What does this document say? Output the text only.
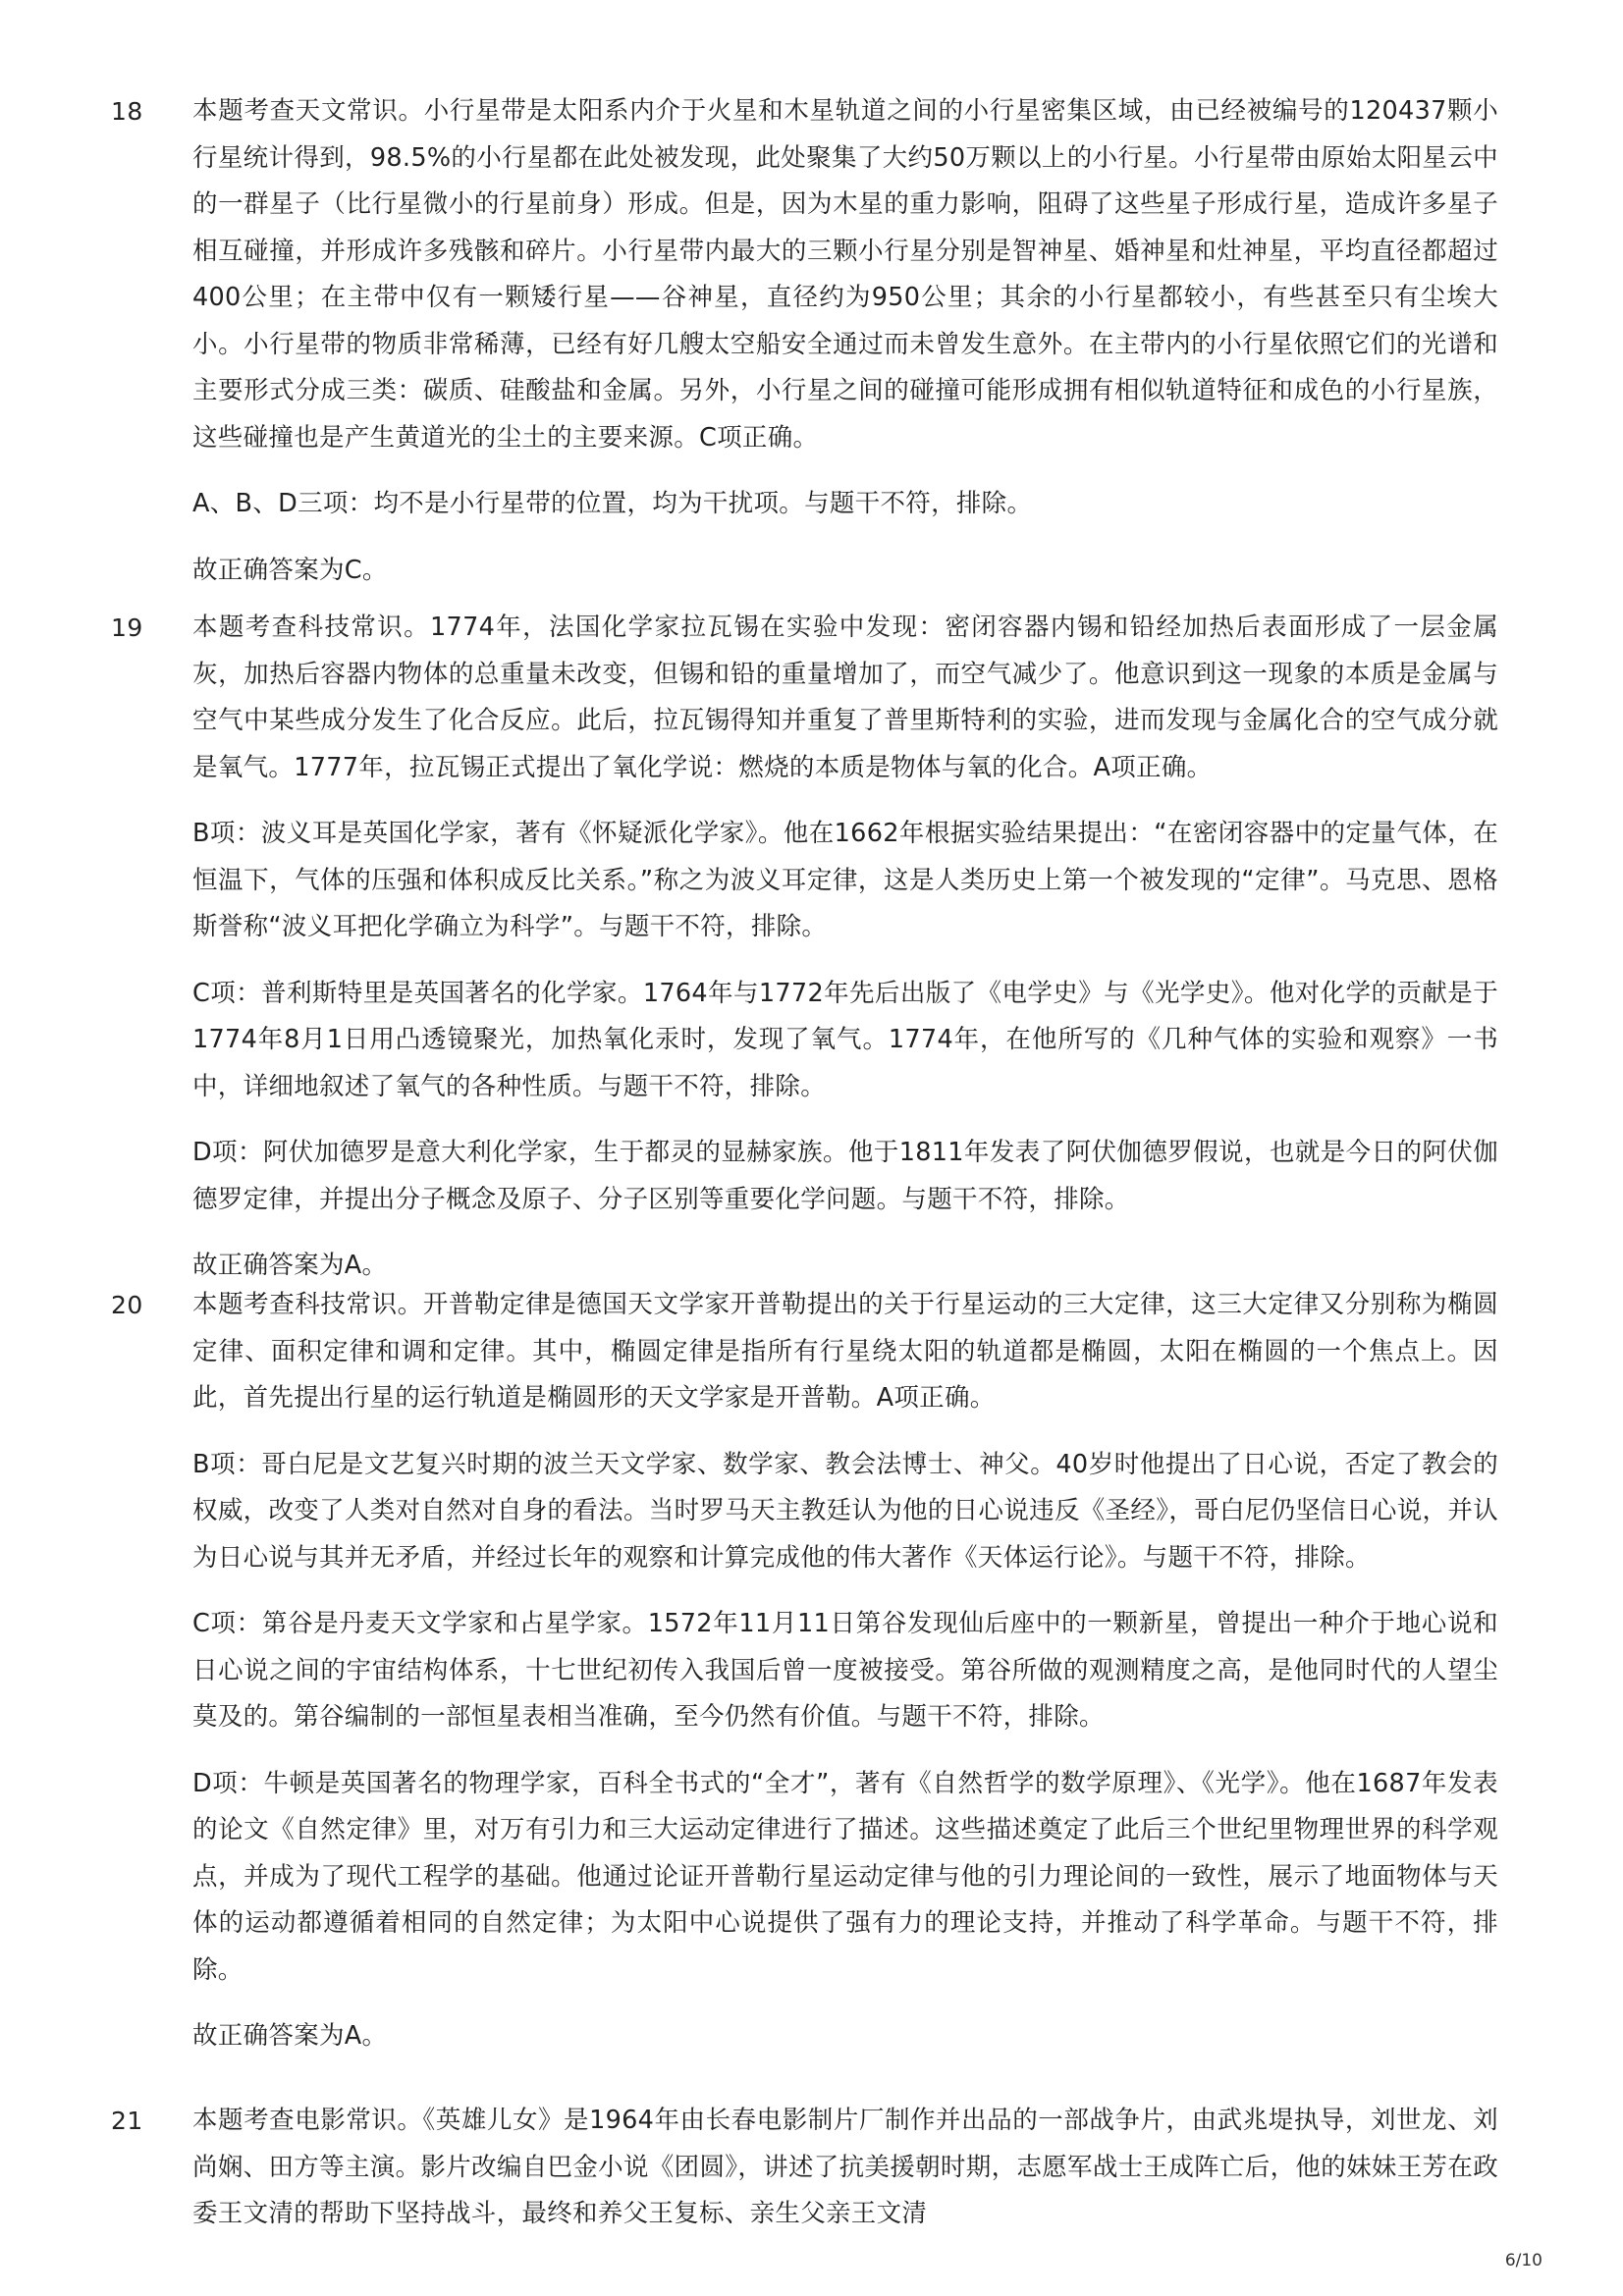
18 本题考查天文常识。小行星带是太阳系内介于火星和木星轨道之间的小行星密集区域，由已经被编号的120437颗小行星统计得到，98.5%的小行星都在此处被发现，此处聚集了大约50万颗以上的小行星。小行星带由原始太阳星云中的一群星子（比行星微小的行星前身）形成。但是，因为木星的重力影响，阻碍了这些星子形成行星，造成许多星子相互碰撞，并形成许多残骸和碎片。小行星带内最大的三颗小行星分别是智神星、婚神星和灶神星，平均直径都超过400公里；在主带中仅有一颗矮行星——谷神星，直径约为950公里；其余的小行星都较小，有些甚至只有尘埃大小。小行星带的物质非常稀薄，已经有好几艘太空船安全通过而未曾发生意外。在主带内的小行星依照它们的光谱和主要形式分成三类：碳质、硅酸盐和金属。另外，小行星之间的碰撞可能形成拥有相似轨道特征和成色的小行星族，这些碰撞也是产生黄道光的尘土的主要来源。C项正确。

A、B、D三项：均不是小行星带的位置，均为干扰项。与题干不符，排除。

故正确答案为C。

19 本题考查科技常识。1774年，法国化学家拉瓦锡在实验中发现：密闭容器内锡和铅经加热后表面形成了一层金属灰，加热后容器内物体的总重量未改变，但锡和铅的重量增加了，而空气减少了。他意识到这一现象的本质是金属与空气中某些成分发生了化合反应。此后，拉瓦锡得知并重复了普里斯特利的实验，进而发现与金属化合的空气成分就是氧气。1777年，拉瓦锡正式提出了氧化学说：燃烧的本质是物体与氧的化合。A项正确。

B项：波义耳是英国化学家，著有《怀疑派化学家》。他在1662年根据实验结果提出：“在密闭容器中的定量气体，在恒温下，气体的压强和体积成反比关系。”称之为波义耳定律，这是人类历史上第一个被发现的“定律”。马克思、恩格斯誉称“波义耳把化学确立为科学”。与题干不符，排除。

C项：普利斯特里是英国著名的化学家。1764年与1772年先后出版了《电学史》与《光学史》。他对化学的贡献是于1774年8月1日用凸透镜聚光，加热氧化汞时，发现了氧气。1774年，在他所写的《几种气体的实验和观察》一书中，详细地叙述了氧气的各种性质。与题干不符，排除。

D项：阿伏加德罗是意大利化学家，生于都灵的显赫家族。他于1811年发表了阿伏伽德罗假说，也就是今日的阿伏伽德罗定律，并提出分子概念及原子、分子区别等重要化学问题。与题干不符，排除。

故正确答案为A。

20 本题考查科技常识。开普勒定律是德国天文学家开普勒提出的关于行星运动的三大定律，这三大定律又分别称为椭圆定律、面积定律和调和定律。其中，椭圆定律是指所有行星绕太阳的轨道都是椭圆，太阳在椭圆的一个焦点上。因此，首先提出行星的运行轨道是椭圆形的天文学家是开普勒。A项正确。

B项：哥白尼是文艺复兴时期的波兰天文学家、数学家、教会法博士、神父。40岁时他提出了日心说，否定了教会的权威，改变了人类对自然对自身的看法。当时罗马天主教廷认为他的日心说违反《圣经》，哥白尼仍坚信日心说，并认为日心说与其并无矛盾，并经过长年的观察和计算完成他的伟大著作《天体运行论》。与题干不符，排除。

C项：第谷是丹麦天文学家和占星学家。1572年11月11日第谷发现仙后座中的一颗新星，曾提出一种介于地心说和日心说之间的宇宙结构体系，十七世纪初传入我国后曾一度被接受。第谷所做的观测精度之高，是他同时代的人望尘莫及的。第谷编制的一部恒星表相当准确，至今仍然有价值。与题干不符，排除。

D项：牛顿是英国著名的物理学家，百科全书式的“全才”，著有《自然哲学的数学原理》、《光学》。他在1687年发表的论文《自然定律》里，对万有引力和三大运动定律进行了描述。这些描述奠定了此后三个世纪里物理世界的科学观点，并成为了现代工程学的基础。他通过论证开普勒行星运动定律与他的引力理论间的一致性，展示了地面物体与天体的运动都遵循着相同的自然定律；为太阳中心说提供了强有力的理论支持，并推动了科学革命。与题干不符，排除。

故正确答案为A。

21 本题考查电影常识。《英雄儿女》是1964年由长春电影制片厂制作并出品的一部战争片，由武兆堤执导，刘世龙、刘尚娴、田方等主演。影片改编自巴金小说《团圆》，讲述了抗美援朝时期，志愿军战士王成阵亡后，他的妹妹王芳在政委王文清的帮助下坚持战斗，最终和养父王复标、亲生父亲王文清

6/10
